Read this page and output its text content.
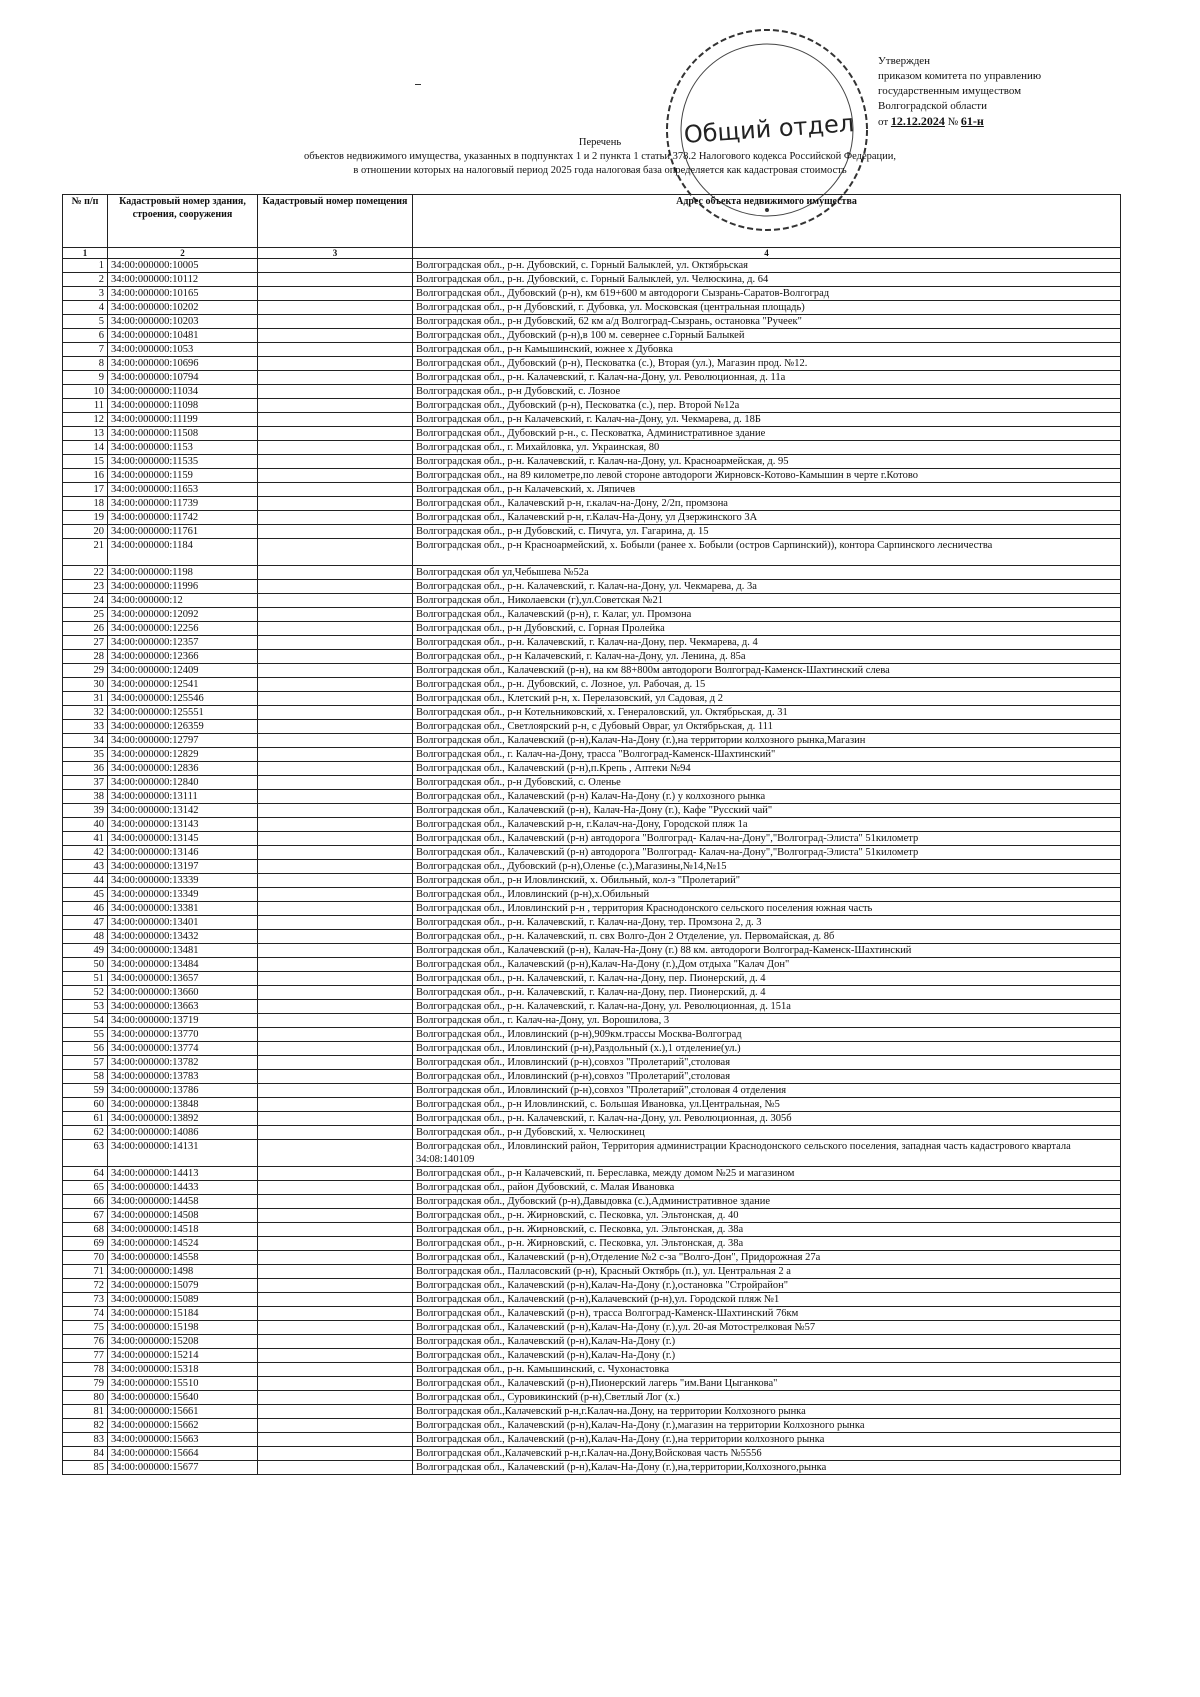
Общий отдел
Утвержден
приказом комитета по управлению
государственным имуществом
Волгоградской области
от 12.12.2024 № 61-н
Перечень
объектов недвижимого имущества, указанных в подпунктах 1 и 2 пункта 1 статьи 378.2 Налогового кодекса Российской Федерации,
в отношении которых на налоговый период 2025 года налоговая база определяется как кадастровая стоимость
№ п/п	Кадастровый номер здания, строения, сооружения	Кадастровый номер помещения	Адрес объекта недвижимого имущества
1	2	3	4
1	34:00:000000:10005		Волгоградская обл., р-н. Дубовский, с. Горный Балыклей, ул. Октябрьская
2	34:00:000000:10112		Волгоградская обл., р-н. Дубовский, с. Горный Балыклей, ул. Челюскина, д. 64
3	34:00:000000:10165		Волгоградская обл., Дубовский (р-н), км 619+600 м автодороги Сызрань-Саратов-Волгоград
4	34:00:000000:10202		Волгоградская обл., р-н Дубовский, г. Дубовка, ул. Московская (центральная площадь)
5	34:00:000000:10203		Волгоградская обл., р-н Дубовский, 62 км а/д Волгоград-Сызрань, остановка "Ручеек"
6	34:00:000000:10481		Волгоградская обл., Дубовский (р-н),в 100 м. севернее с.Горный Балыкей
7	34:00:000000:1053		Волгоградская обл., р-н Камышинский, южнее х Дубовка
8	34:00:000000:10696		Волгоградская обл., Дубовский (р-н), Песковатка (с.), Вторая (ул.), Магазин прод. №12.
9	34:00:000000:10794		Волгоградская обл., р-н. Калачевский, г. Калач-на-Дону, ул. Революционная, д. 11а
10	34:00:000000:11034		Волгоградская обл., р-н Дубовский, с. Лозное
11	34:00:000000:11098		Волгоградская обл., Дубовский (р-н), Песковатка (с.), пер. Второй №12а
12	34:00:000000:11199		Волгоградская обл., р-н Калачевский, г. Калач-на-Дону, ул. Чекмарева, д. 18Б
13	34:00:000000:11508		Волгоградская обл., Дубовский р-н., с. Песковатка, Административное здание
14	34:00:000000:1153		Волгоградская обл., г. Михайловка, ул. Украинская, 80
15	34:00:000000:11535		Волгоградская обл., р-н. Калачевский, г. Калач-на-Дону, ул. Красноармейская, д. 95
16	34:00:000000:1159		Волгоградская обл., на 89 километре,по левой стороне автодороги Жирновск-Котово-Камышин в черте г.Котово
17	34:00:000000:11653		Волгоградская обл., р-н Калачевский, х. Ляпичев
18	34:00:000000:11739		Волгоградская обл., Калачевский р-н, г.калач-на-Дону, 2/2п, промзона
19	34:00:000000:11742		Волгоградская обл., Калачевский р-н, г.Калач-На-Дону, ул Дзержинского 3А
20	34:00:000000:11761		Волгоградская обл., р-н Дубовский, с. Пичуга, ул. Гагарина, д. 15
21	34:00:000000:1184		Волгоградская обл., р-н Красноармейский, х. Бобыли (ранее х. Бобыли (остров Сарпинский)), контора Сарпинского лесничества
22	34:00:000000:1198		Волгоградская обл ул,Чебышева №52а
23	34:00:000000:11996		Волгоградская обл., р-н. Калачевский, г. Калач-на-Дону, ул. Чекмарева, д. 3а
24	34:00:000000:12		Волгоградская обл., Николаевски (г),ул.Советская №21
25	34:00:000000:12092		Волгоградская обл., Калачевский (р-н), г. Калаг, ул. Промзона
26	34:00:000000:12256		Волгоградская обл., р-н Дубовский, с. Горная Пролейка
27	34:00:000000:12357		Волгоградская обл., р-н. Калачевский, г. Калач-на-Дону, пер. Чекмарева, д. 4
28	34:00:000000:12366		Волгоградская обл., р-н Калачевский, г. Калач-на-Дону, ул. Ленина, д. 85а
29	34:00:000000:12409		Волгоградская обл., Калачевский (р-н), на км 88+800м автодороги Волгоград-Каменск-Шахтинский слева
30	34:00:000000:12541		Волгоградская обл., р-н. Дубовский, с. Лозное, ул. Рабочая, д. 15
31	34:00:000000:125546		Волгоградская обл., Клетский р-н, х. Перелазовский, ул Садовая, д 2
32	34:00:000000:125551		Волгоградская обл., р-н Котельниковский, х. Генераловский, ул. Октябрьская, д. 31
33	34:00:000000:126359		Волгоградская обл., Светлоярский р-н, с Дубовый Овраг, ул Октябрьская, д. 111
34	34:00:000000:12797		Волгоградская обл., Калачевский (р-н),Калач-На-Дону (г.),на территории колхозного рынка,Магазин
35	34:00:000000:12829		Волгоградская обл., г. Калач-на-Дону, трасса "Волгоград-Каменск-Шахтинский"
36	34:00:000000:12836		Волгоградская обл., Калачевский (р-н),п.Крепь , Аптеки №94
37	34:00:000000:12840		Волгоградская обл., р-н Дубовский, с. Оленье
38	34:00:000000:13111		Волгоградская обл., Калачевский (р-н) Калач-На-Дону (г.) у колхозного рынка
39	34:00:000000:13142		Волгоградская обл., Калачевский (р-н), Калач-На-Дону (г.), Кафе "Русский чай"
40	34:00:000000:13143		Волгоградская обл., Калачевский р-н, г.Калач-на-Дону, Городской пляж 1а
41	34:00:000000:13145		Волгоградская обл., Калачевский (р-н) автодорога "Волгоград- Калач-на-Дону","Волгоград-Элиста" 51километр
42	34:00:000000:13146		Волгоградская обл., Калачевский (р-н) автодорога "Волгоград- Калач-на-Дону","Волгоград-Элиста" 51километр
43	34:00:000000:13197		Волгоградская обл., Дубовский (р-н),Оленье (с.),Магазины,№14,№15
44	34:00:000000:13339		Волгоградская обл., р-н Иловлинский, х. Обильный, кол-з "Пролетарий"
45	34:00:000000:13349		Волгоградская обл., Иловлинский (р-н),х.Обильный
46	34:00:000000:13381		Волгоградская обл., Иловлинский р-н , территория Краснодонского сельского поселения южная часть
47	34:00:000000:13401		Волгоградская обл., р-н. Калачевский, г. Калач-на-Дону, тер. Промзона 2, д. 3
48	34:00:000000:13432		Волгоградская обл., р-н. Калачевский, п. свх Волго-Дон 2 Отделение, ул. Первомайская, д. 8б
49	34:00:000000:13481		Волгоградская обл., Калачевский (р-н), Калач-На-Дону (г.) 88 км. автодороги Волгоград-Каменск-Шахтинский
50	34:00:000000:13484		Волгоградская обл., Калачевский (р-н),Калач-На-Дону (г.),Дом отдыха "Калач Дон"
51	34:00:000000:13657		Волгоградская обл., р-н. Калачевский, г. Калач-на-Дону, пер. Пионерский, д. 4
52	34:00:000000:13660		Волгоградская обл., р-н. Калачевский, г. Калач-на-Дону, пер. Пионерский, д. 4
53	34:00:000000:13663		Волгоградская обл., р-н. Калачевский, г. Калач-на-Дону, ул. Революционная, д. 151а
54	34:00:000000:13719		Волгоградская обл., г. Калач-на-Дону, ул. Ворошилова, 3
55	34:00:000000:13770		Волгоградская обл., Иловлинский (р-н),909км.трассы Москва-Волгоград
56	34:00:000000:13774		Волгоградская обл., Иловлинский (р-н),Раздольный (х.),1 отделение(ул.)
57	34:00:000000:13782		Волгоградская обл., Иловлинский (р-н),совхоз "Пролетарий",столовая
58	34:00:000000:13783		Волгоградская обл., Иловлинский (р-н),совхоз "Пролетарий",столовая
59	34:00:000000:13786		Волгоградская обл., Иловлинский (р-н),совхоз "Пролетарий",столовая 4 отделения
60	34:00:000000:13848		Волгоградская обл., р-н Иловлинский, с. Большая Ивановка, ул.Центральная, №5
61	34:00:000000:13892		Волгоградская обл., р-н. Калачевский, г. Калач-на-Дону, ул. Революционная, д. 305б
62	34:00:000000:14086		Волгоградская обл., р-н Дубовский, х. Челюскинец
63	34:00:000000:14131		Волгоградская обл., Иловлинский район, Территория администрации Краснодонского сельского поселения, западная часть кадастрового квартала 34:08:140109
64	34:00:000000:14413		Волгоградская обл., р-н Калачевский, п. Береславка, между домом №25 и магазином
65	34:00:000000:14433		Волгоградская обл., район Дубовский, с. Малая Ивановка
66	34:00:000000:14458		Волгоградская обл., Дубовский (р-н),Давыдовка (с.),Административное здание
67	34:00:000000:14508		Волгоградская обл., р-н. Жирновский, с. Песковка, ул. Эльтонская, д. 40
68	34:00:000000:14518		Волгоградская обл., р-н. Жирновский, с. Песковка, ул. Эльтонская, д. 38а
69	34:00:000000:14524		Волгоградская обл., р-н. Жирновский, с. Песковка, ул. Эльтонская, д. 38а
70	34:00:000000:14558		Волгоградская обл., Калачевский (р-н),Отделение №2 с-за "Волго-Дон", Придорожная 27а
71	34:00:000000:1498		Волгоградская обл., Палласовский (р-н), Красный Октябрь (п.), ул. Центральная 2 а
72	34:00:000000:15079		Волгоградская обл., Калачевский (р-н),Калач-На-Дону (г.),остановка "Стройрайон"
73	34:00:000000:15089		Волгоградская обл., Калачевский (р-н),Калачевский (р-н),ул. Городской пляж №1
74	34:00:000000:15184		Волгоградская обл., Калачевский (р-н), трасса Волгоград-Каменск-Шахтинский 76км
75	34:00:000000:15198		Волгоградская обл., Калачевский (р-н),Калач-На-Дону (г.),ул. 20-ая Мотострелковая №57
76	34:00:000000:15208		Волгоградская обл., Калачевский (р-н),Калач-На-Дону (г.)
77	34:00:000000:15214		Волгоградская обл., Калачевский (р-н),Калач-На-Дону (г.)
78	34:00:000000:15318		Волгоградская обл., р-н. Камышинский, с. Чухонастовка
79	34:00:000000:15510		Волгоградская обл., Калачевский (р-н),Пионерский лагерь "им.Вани Цыганкова"
80	34:00:000000:15640		Волгоградская обл., Суровикинский (р-н),Светлый Лог (х.)
81	34:00:000000:15661		Волгоградская обл.,Калачевский р-н,г.Калач-на.Дону, на территории Колхозного рынка
82	34:00:000000:15662		Волгоградская обл., Калачевский (р-н),Калач-На-Дону (г.),магазин на территории Колхозного рынка
83	34:00:000000:15663		Волгоградская обл., Калачевский (р-н),Калач-На-Дону (г.),на территории колхозного рынка
84	34:00:000000:15664		Волгоградская обл.,Калачевский р-н,г.Калач-на.Дону,Войсковая часть №5556
85	34:00:000000:15677		Волгоградская обл., Калачевский (р-н),Калач-На-Дону (г.),на,территории,Колхозного,рынка
